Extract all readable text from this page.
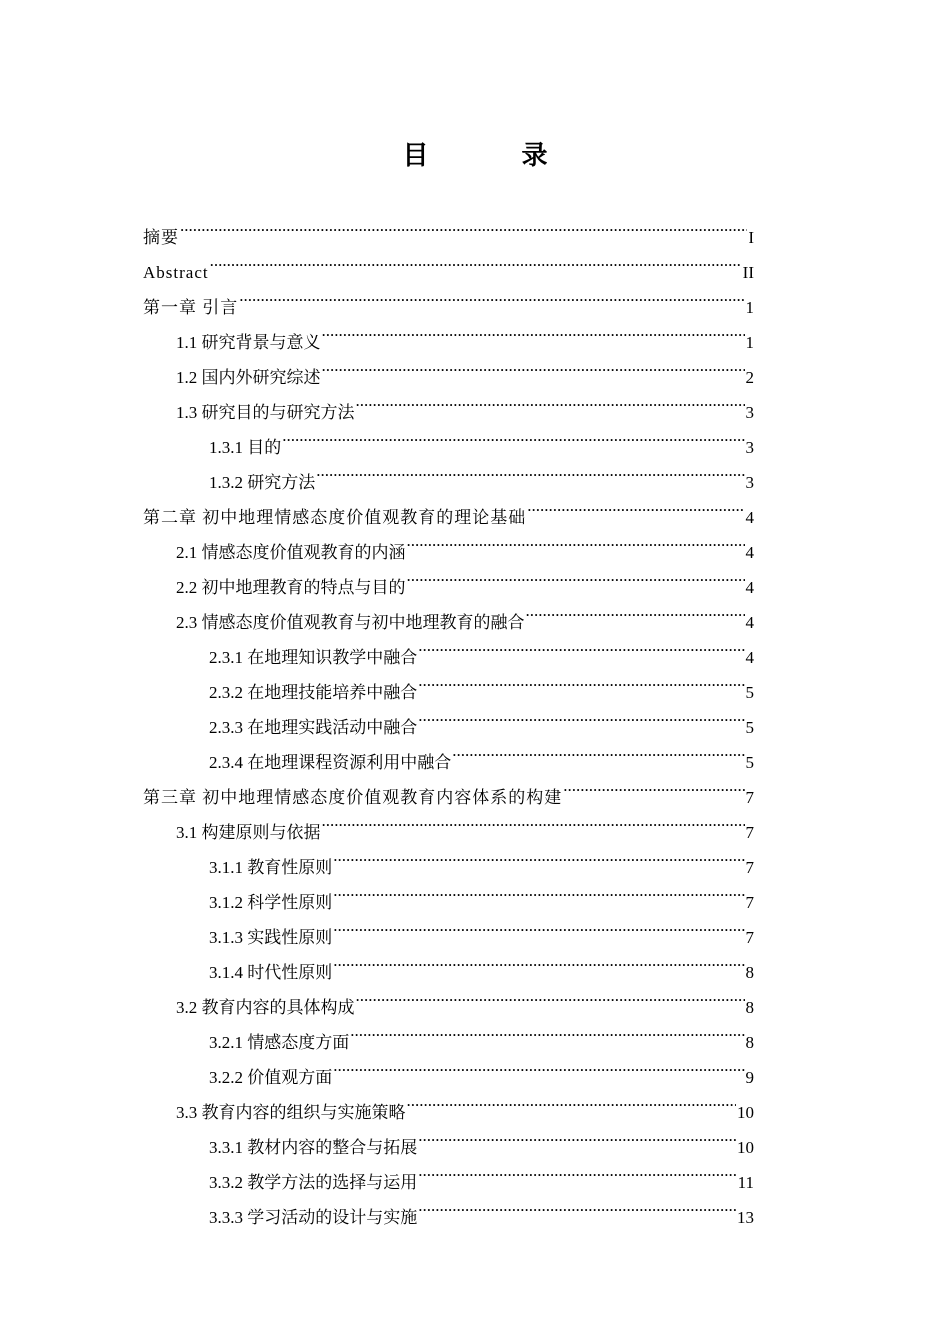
目 录
摘要 .....	I
Abstract .....	II
第一章 引言 .....	1
1.1 研究背景与意义 .....	1
1.2 国内外研究综述 .....	2
1.3 研究目的与研究方法 .....	3
1.3.1 目的 .....	3
1.3.2 研究方法 .....	3
第二章 初中地理情感态度价值观教育的理论基础 .....	4
2.1 情感态度价值观教育的内涵 .....	4
2.2 初中地理教育的特点与目的 .....	4
2.3 情感态度价值观教育与初中地理教育的融合 .....	4
2.3.1 在地理知识教学中融合 .....	4
2.3.2 在地理技能培养中融合 .....	5
2.3.3 在地理实践活动中融合 .....	5
2.3.4 在地理课程资源利用中融合 .....	5
第三章 初中地理情感态度价值观教育内容体系的构建 .....	7
3.1 构建原则与依据 .....	7
3.1.1 教育性原则 .....	7
3.1.2 科学性原则 .....	7
3.1.3 实践性原则 .....	7
3.1.4 时代性原则 .....	8
3.2 教育内容的具体构成 .....	8
3.2.1 情感态度方面 .....	8
3.2.2 价值观方面 .....	9
3.3 教育内容的组织与实施策略 .....	10
3.3.1 教材内容的整合与拓展 .....	10
3.3.2 教学方法的选择与运用 .....	11
3.3.3 学习活动的设计与实施 .....	13
